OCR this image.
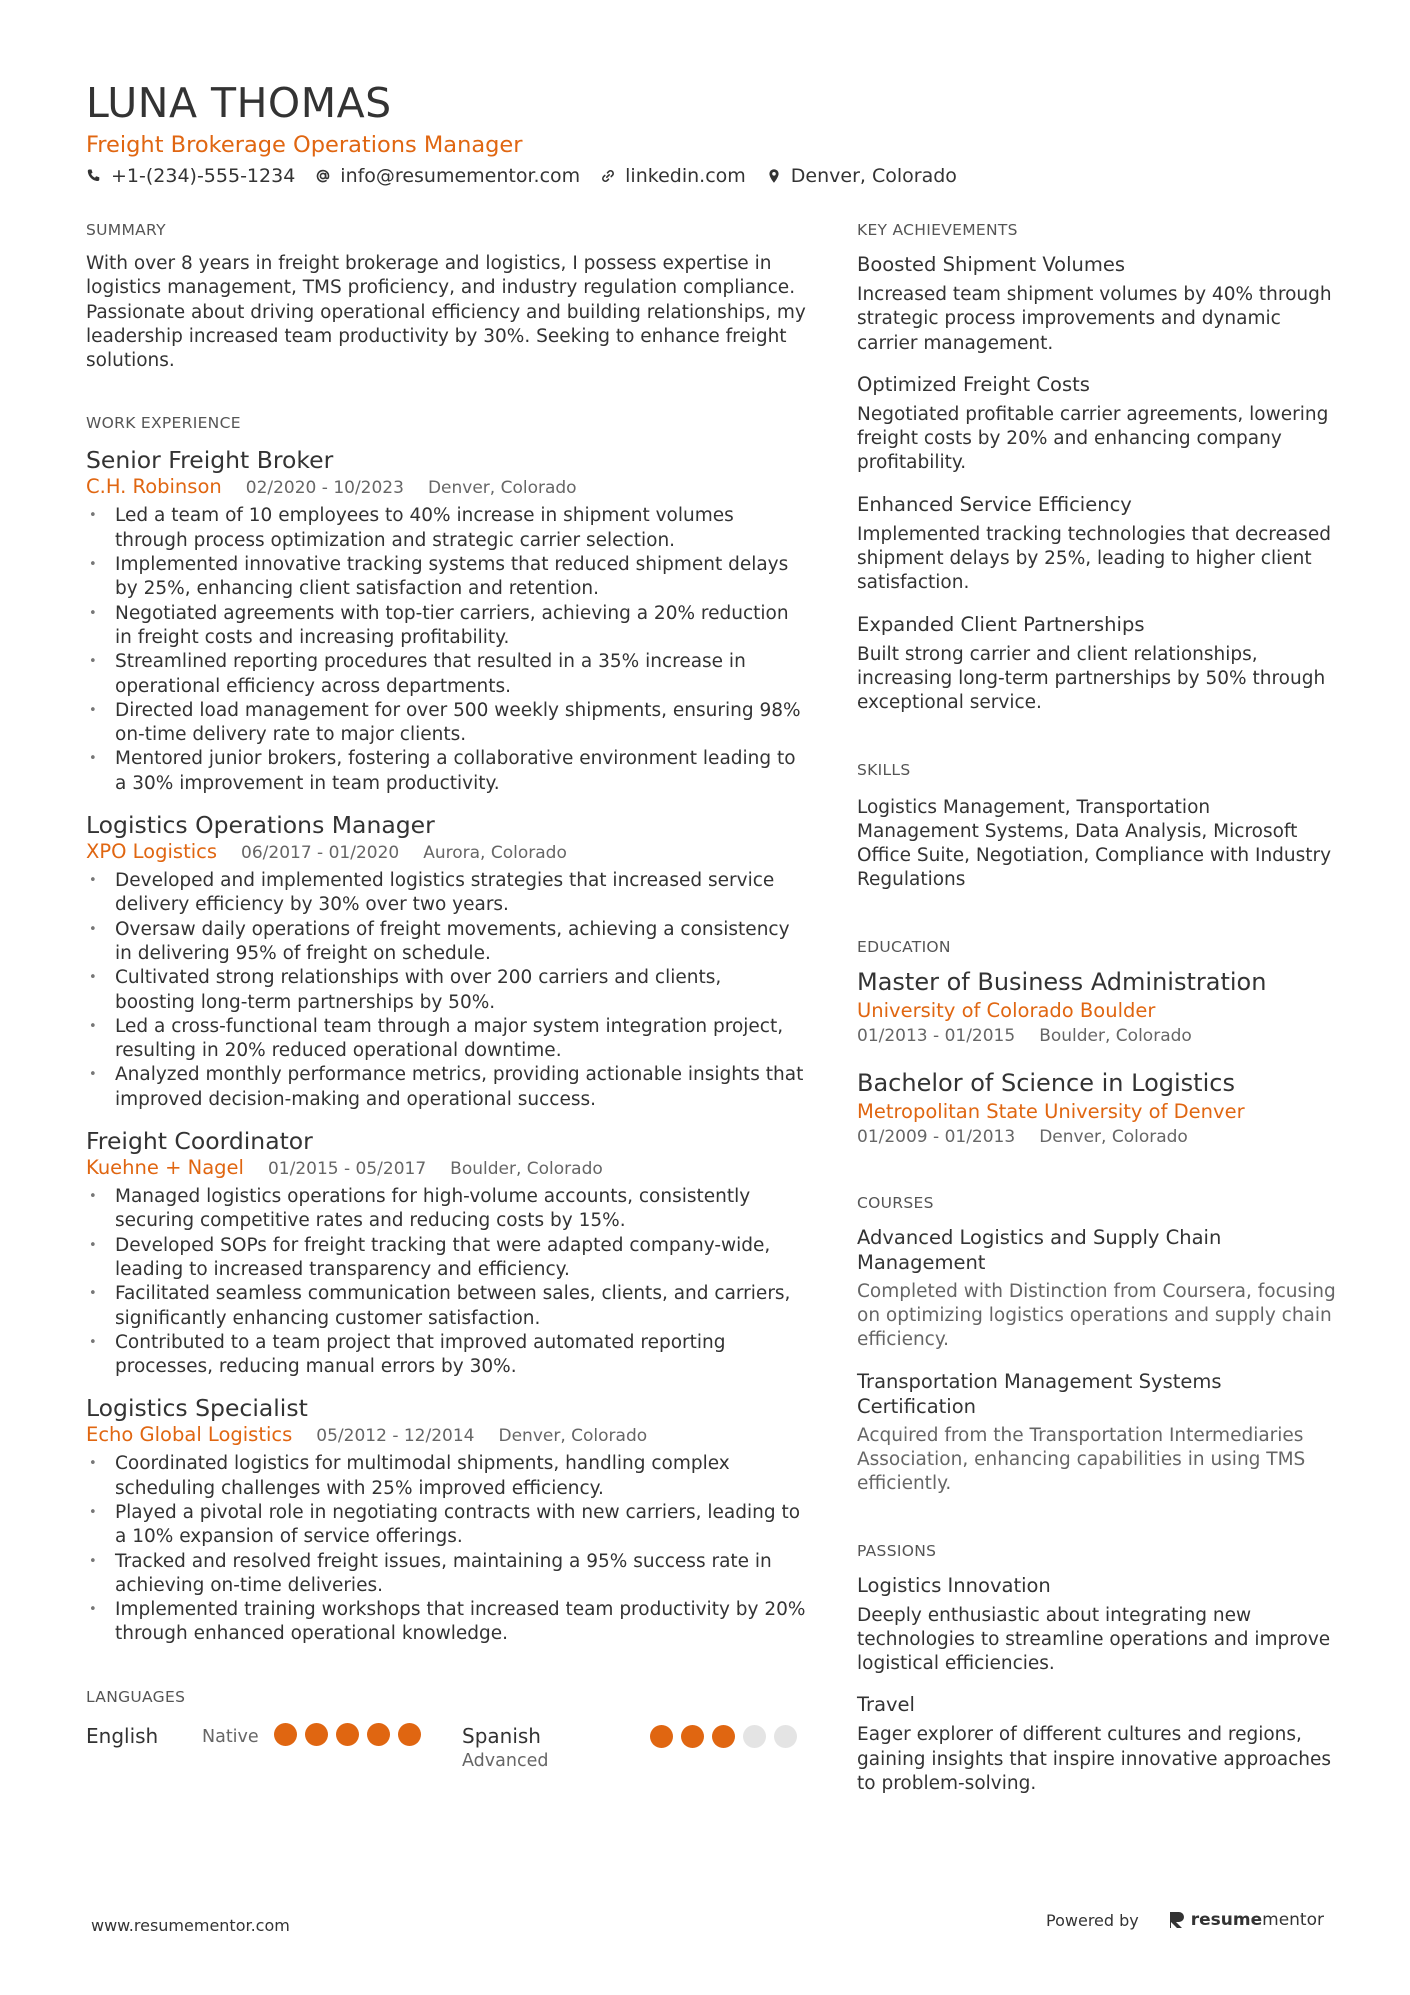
LUNA THOMAS
Freight Brokerage Operations Manager
+1-(234)-555-1234 info@resumementor.com linkedin.com Denver, Colorado
SUMMARY
With over 8 years in freight brokerage and logistics, I possess expertise in logistics management, TMS proficiency, and industry regulation compliance. Passionate about driving operational efficiency and building relationships, my leadership increased team productivity by 30%. Seeking to enhance freight solutions.
WORK EXPERIENCE
Senior Freight Broker
C.H. Robinson 02/2020 - 10/2023 Denver, Colorado
• Led a team of 10 employees to 40% increase in shipment volumes through process optimization and strategic carrier selection.
• Implemented innovative tracking systems that reduced shipment delays by 25%, enhancing client satisfaction and retention.
• Negotiated agreements with top-tier carriers, achieving a 20% reduction in freight costs and increasing profitability.
• Streamlined reporting procedures that resulted in a 35% increase in operational efficiency across departments.
• Directed load management for over 500 weekly shipments, ensuring 98% on-time delivery rate to major clients.
• Mentored junior brokers, fostering a collaborative environment leading to a 30% improvement in team productivity.
Logistics Operations Manager
XPO Logistics 06/2017 - 01/2020 Aurora, Colorado
• Developed and implemented logistics strategies that increased service delivery efficiency by 30% over two years.
• Oversaw daily operations of freight movements, achieving a consistency in delivering 95% of freight on schedule.
• Cultivated strong relationships with over 200 carriers and clients, boosting long-term partnerships by 50%.
• Led a cross-functional team through a major system integration project, resulting in 20% reduced operational downtime.
• Analyzed monthly performance metrics, providing actionable insights that improved decision-making and operational success.
Freight Coordinator
Kuehne + Nagel 01/2015 - 05/2017 Boulder, Colorado
• Managed logistics operations for high-volume accounts, consistently securing competitive rates and reducing costs by 15%.
• Developed SOPs for freight tracking that were adapted company-wide, leading to increased transparency and efficiency.
• Facilitated seamless communication between sales, clients, and carriers, significantly enhancing customer satisfaction.
• Contributed to a team project that improved automated reporting processes, reducing manual errors by 30%.
Logistics Specialist
Echo Global Logistics 05/2012 - 12/2014 Denver, Colorado
• Coordinated logistics for multimodal shipments, handling complex scheduling challenges with 25% improved efficiency.
• Played a pivotal role in negotiating contracts with new carriers, leading to a 10% expansion of service offerings.
• Tracked and resolved freight issues, maintaining a 95% success rate in achieving on-time deliveries.
• Implemented training workshops that increased team productivity by 20% through enhanced operational knowledge.
LANGUAGES
English	Native	Spanish
Advanced
KEY ACHIEVEMENTS
Boosted Shipment Volumes
Increased team shipment volumes by 40% through strategic process improvements and dynamic carrier management.
Optimized Freight Costs
Negotiated profitable carrier agreements, lowering freight costs by 20% and enhancing company profitability.
Enhanced Service Efficiency
Implemented tracking technologies that decreased shipment delays by 25%, leading to higher client satisfaction.
Expanded Client Partnerships
Built strong carrier and client relationships, increasing long-term partnerships by 50% through exceptional service.
SKILLS
Logistics Management, Transportation Management Systems, Data Analysis, Microsoft Office Suite, Negotiation, Compliance with Industry Regulations
EDUCATION
Master of Business Administration
University of Colorado Boulder
01/2013 - 01/2015 Boulder, Colorado
Bachelor of Science in Logistics
Metropolitan State University of Denver
01/2009 - 01/2013 Denver, Colorado
COURSES
Advanced Logistics and Supply Chain Management
Completed with Distinction from Coursera, focusing on optimizing logistics operations and supply chain efficiency.
Transportation Management Systems Certification
Acquired from the Transportation Intermediaries Association, enhancing capabilities in using TMS efficiently.
PASSIONS
Logistics Innovation
Deeply enthusiastic about integrating new technologies to streamline operations and improve logistical efficiencies.
Travel
Eager explorer of different cultures and regions, gaining insights that inspire innovative approaches to problem-solving.
www.resumementor.com	Powered by	resume mentor
